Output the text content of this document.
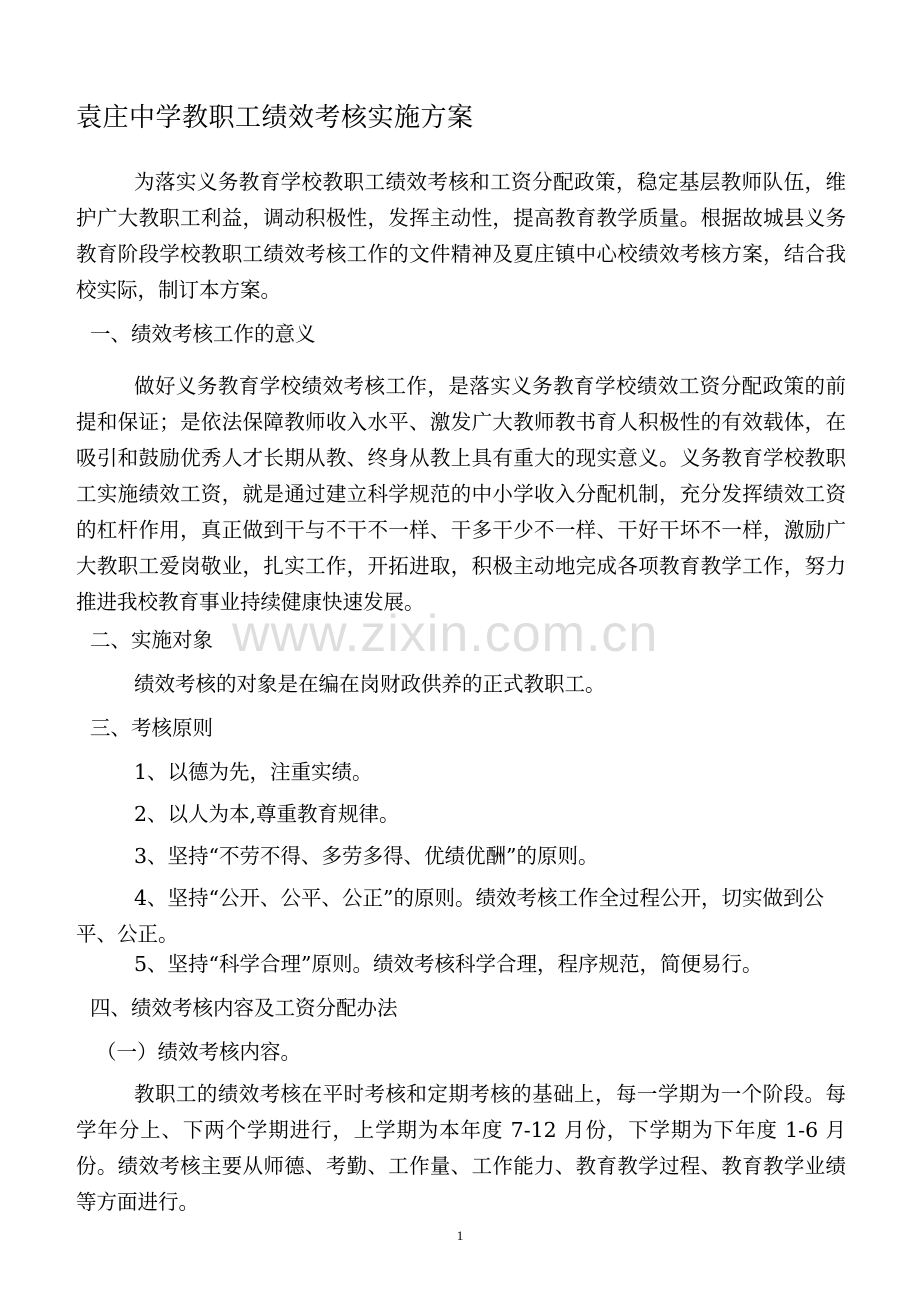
袁庄中学教职工绩效考核实施方案
为落实义务教育学校教职工绩效考核和工资分配政策，稳定基层教师队伍，维护广大教职工利益，调动积极性，发挥主动性，提高教育教学质量。根据故城县义务教育阶段学校教职工绩效考核工作的文件精神及夏庄镇中心校绩效考核方案，结合我校实际，制订本方案。
一、绩效考核工作的意义
做好义务教育学校绩效考核工作，是落实义务教育学校绩效工资分配政策的前提和保证；是依法保障教师收入水平、激发广大教师教书育人积极性的有效载体，在吸引和鼓励优秀人才长期从教、终身从教上具有重大的现实意义。义务教育学校教职工实施绩效工资，就是通过建立科学规范的中小学收入分配机制，充分发挥绩效工资的杠杆作用，真正做到干与不干不一样、干多干少不一样、干好干坏不一样，激励广大教职工爱岗敬业，扎实工作，开拓进取，积极主动地完成各项教育教学工作，努力推进我校教育事业持续健康快速发展。
二、实施对象
绩效考核的对象是在编在岗财政供养的正式教职工。
三、考核原则
1、以德为先，注重实绩。
2、以人为本,尊重教育规律。
3、坚持“不劳不得、多劳多得、优绩优酬”的原则。
4、坚持“公开、公平、公正”的原则。绩效考核工作全过程公开，切实做到公平、公正。
5、坚持“科学合理”原则。绩效考核科学合理，程序规范，简便易行。
四、绩效考核内容及工资分配办法
（一）绩效考核内容。
教职工的绩效考核在平时考核和定期考核的基础上，每一学期为一个阶段。每学年分上、下两个学期进行，上学期为本年度 7-12 月份，下学期为下年度 1-6 月份。绩效考核主要从师德、考勤、工作量、工作能力、教育教学过程、教育教学业绩等方面进行。
www.zixin.com.cn
1
